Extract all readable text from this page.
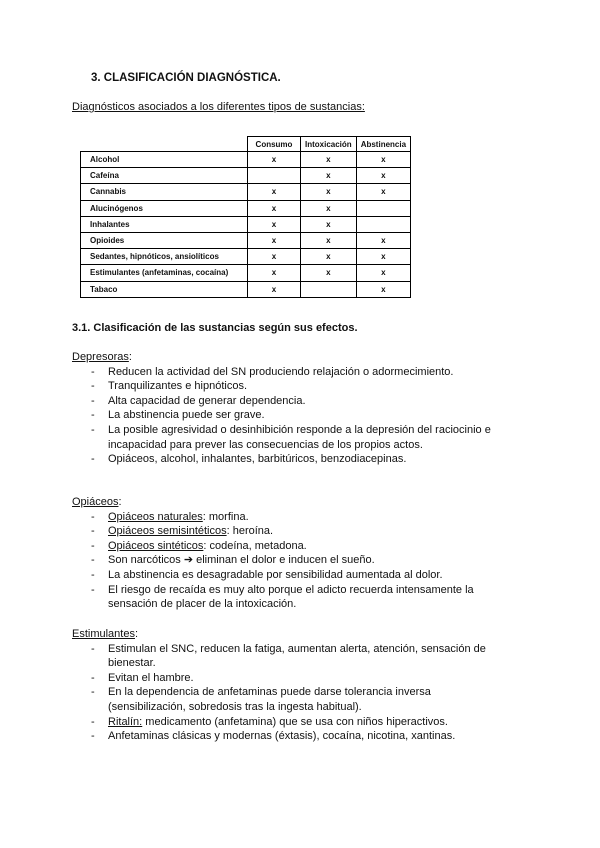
3. CLASIFICACIÓN DIAGNÓSTICA.
Diagnósticos asociados a los diferentes tipos de sustancias:
	Consumo	Intoxicación	Abstinencia
Alcohol	x	x	x
Cafeína		x	x
Cannabis	x	x	x
Alucinógenos	x	x	
Inhalantes	x	x	
Opioides	x	x	x
Sedantes, hipnóticos, ansiolíticos	x	x	x
Estimulantes (anfetaminas, cocaína)	x	x	x
Tabaco	x		x
3.1. Clasificación de las sustancias según sus efectos.
Depresoras:
- Reducen la actividad del SN produciendo relajación o adormecimiento.
- Tranquilizantes e hipnóticos.
- Alta capacidad de generar dependencia.
- La abstinencia puede ser grave.
- La posible agresividad o desinhibición responde a la depresión del raciocinio e incapacidad para prever las consecuencias de los propios actos.
- Opiáceos, alcohol, inhalantes, barbitúricos, benzodiacepinas.
Opiáceos:
- Opiáceos naturales: morfina.
- Opiáceos semisintéticos: heroína.
- Opiáceos sintéticos: codeína, metadona.
- Son narcóticos ➔ eliminan el dolor e inducen el sueño.
- La abstinencia es desagradable por sensibilidad aumentada al dolor.
- El riesgo de recaída es muy alto porque el adicto recuerda intensamente la sensación de placer de la intoxicación.
Estimulantes:
- Estimulan el SNC, reducen la fatiga, aumentan alerta, atención, sensación de bienestar.
- Evitan el hambre.
- En la dependencia de anfetaminas puede darse tolerancia inversa (sensibilización, sobredosis tras la ingesta habitual).
- Ritalín: medicamento (anfetamina) que se usa con niños hiperactivos.
- Anfetaminas clásicas y modernas (éxtasis), cocaína, nicotina, xantinas.
